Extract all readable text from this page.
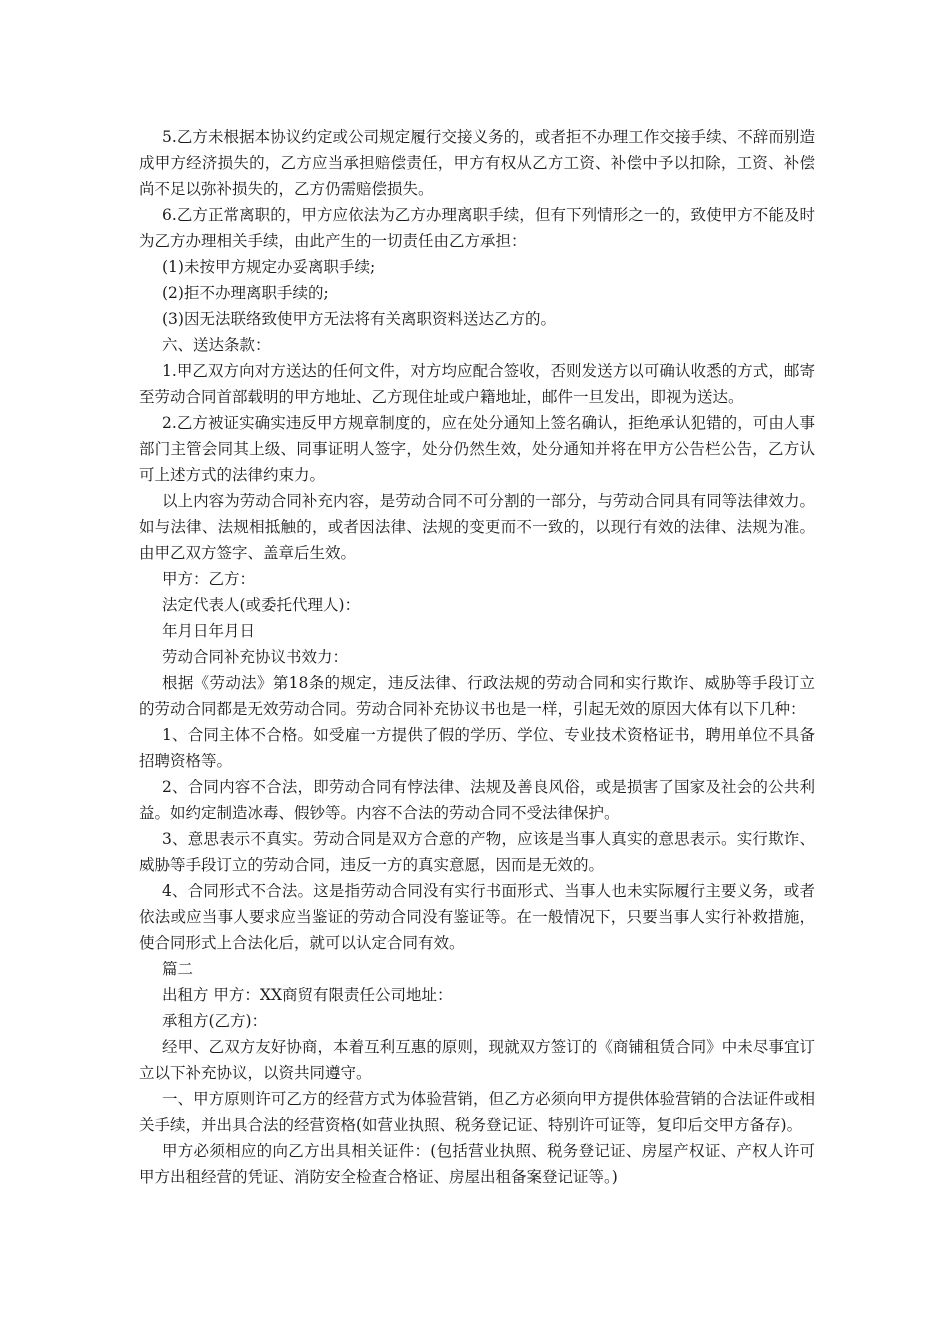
5.乙方未根据本协议约定或公司规定履行交接义务的，或者拒不办理工作交接手续、不辞而别造成甲方经济损失的，乙方应当承担赔偿责任，甲方有权从乙方工资、补偿中予以扣除，工资、补偿尚不足以弥补损失的，乙方仍需赔偿损失。

6.乙方正常离职的，甲方应依法为乙方办理离职手续，但有下列情形之一的，致使甲方不能及时为乙方办理相关手续，由此产生的一切责任由乙方承担：

(1)未按甲方规定办妥离职手续;

(2)拒不办理离职手续的;

(3)因无法联络致使甲方无法将有关离职资料送达乙方的。

六、送达条款：

1.甲乙双方向对方送达的任何文件，对方均应配合签收，否则发送方以可确认收悉的方式，邮寄至劳动合同首部载明的甲方地址、乙方现住址或户籍地址，邮件一旦发出，即视为送达。

2.乙方被证实确实违反甲方规章制度的，应在处分通知上签名确认，拒绝承认犯错的，可由人事部门主管会同其上级、同事证明人签字，处分仍然生效，处分通知并将在甲方公告栏公告，乙方认可上述方式的法律约束力。

以上内容为劳动合同补充内容，是劳动合同不可分割的一部分，与劳动合同具有同等法律效力。如与法律、法规相抵触的，或者因法律、法规的变更而不一致的，以现行有效的法律、法规为准。由甲乙双方签字、盖章后生效。

甲方：乙方：

法定代表人(或委托代理人)：

年月日年月日

劳动合同补充协议书效力：

根据《劳动法》第18条的规定，违反法律、行政法规的劳动合同和实行欺诈、威胁等手段订立的劳动合同都是无效劳动合同。劳动合同补充协议书也是一样，引起无效的原因大体有以下几种：

1、合同主体不合格。如受雇一方提供了假的学历、学位、专业技术资格证书，聘用单位不具备招聘资格等。

2、合同内容不合法，即劳动合同有悖法律、法规及善良风俗，或是损害了国家及社会的公共利益。如约定制造冰毒、假钞等。内容不合法的劳动合同不受法律保护。

3、意思表示不真实。劳动合同是双方合意的产物，应该是当事人真实的意思表示。实行欺诈、威胁等手段订立的劳动合同，违反一方的真实意愿，因而是无效的。

4、合同形式不合法。这是指劳动合同没有实行书面形式、当事人也未实际履行主要义务，或者依法或应当事人要求应当鉴证的劳动合同没有鉴证等。在一般情况下，只要当事人实行补救措施，使合同形式上合法化后，就可以认定合同有效。

篇二

出租方 甲方：XX商贸有限责任公司地址：

承租方(乙方)：

经甲、乙双方友好协商，本着互利互惠的原则，现就双方签订的《商铺租赁合同》中未尽事宜订立以下补充协议，以资共同遵守。

一、甲方原则许可乙方的经营方式为体验营销，但乙方必须向甲方提供体验营销的合法证件或相关手续，并出具合法的经营资格(如营业执照、税务登记证、特别许可证等，复印后交甲方备存)。

甲方必须相应的向乙方出具相关证件：(包括营业执照、税务登记证、房屋产权证、产权人许可甲方出租经营的凭证、消防安全检查合格证、房屋出租备案登记证等。)
